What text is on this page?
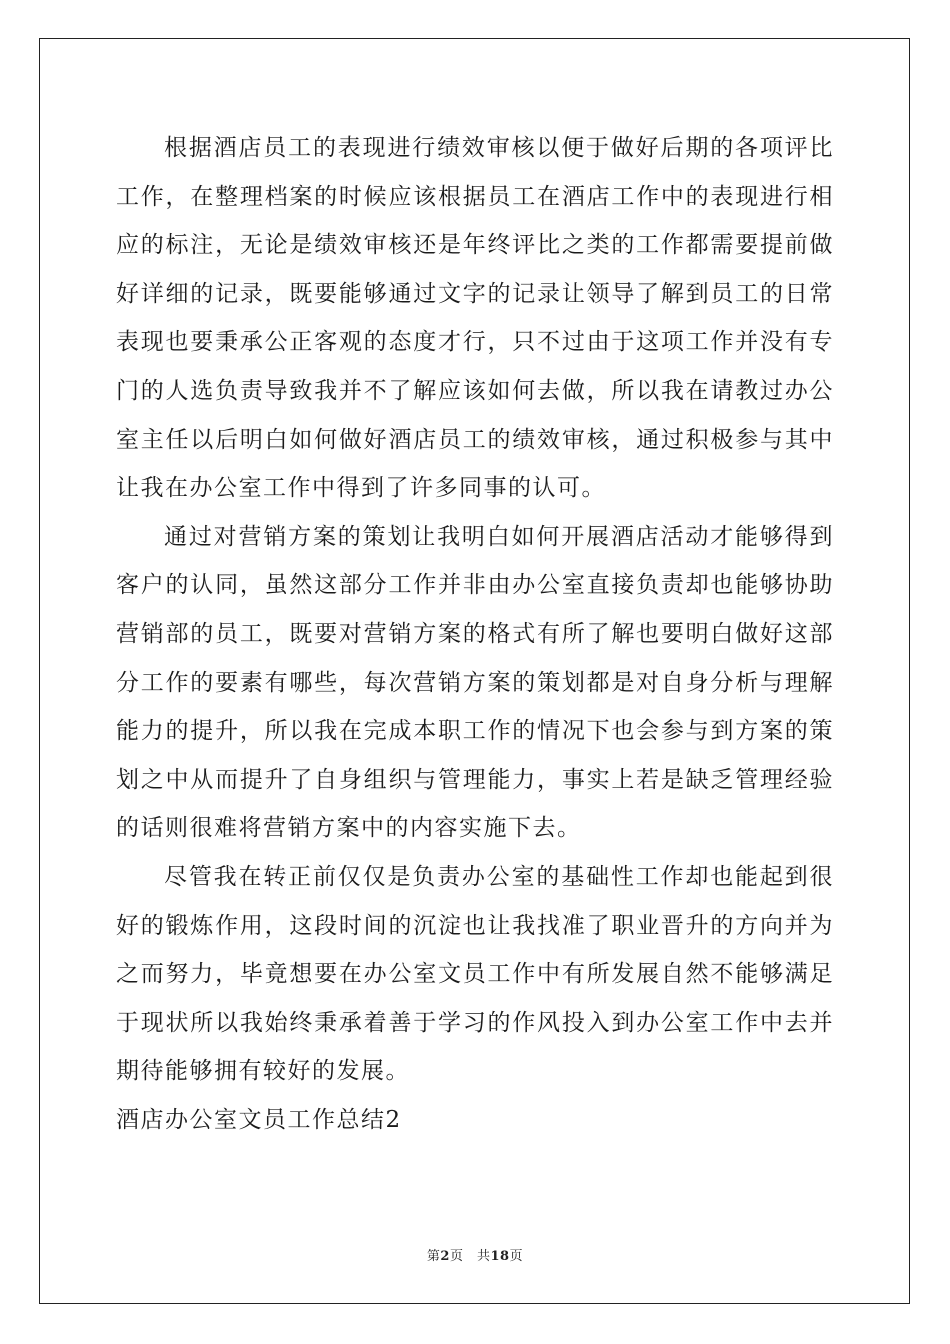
根据酒店员工的表现进行绩效审核以便于做好后期的各项评比工作，在整理档案的时候应该根据员工在酒店工作中的表现进行相应的标注，无论是绩效审核还是年终评比之类的工作都需要提前做好详细的记录，既要能够通过文字的记录让领导了解到员工的日常表现也要秉承公正客观的态度才行，只不过由于这项工作并没有专门的人选负责导致我并不了解应该如何去做，所以我在请教过办公室主任以后明白如何做好酒店员工的绩效审核，通过积极参与其中让我在办公室工作中得到了许多同事的认可。

通过对营销方案的策划让我明白如何开展酒店活动才能够得到客户的认同，虽然这部分工作并非由办公室直接负责却也能够协助营销部的员工，既要对营销方案的格式有所了解也要明白做好这部分工作的要素有哪些，每次营销方案的策划都是对自身分析与理解能力的提升，所以我在完成本职工作的情况下也会参与到方案的策划之中从而提升了自身组织与管理能力，事实上若是缺乏管理经验的话则很难将营销方案中的内容实施下去。

尽管我在转正前仅仅是负责办公室的基础性工作却也能起到很好的锻炼作用，这段时间的沉淀也让我找准了职业晋升的方向并为之而努力，毕竟想要在办公室文员工作中有所发展自然不能够满足于现状所以我始终秉承着善于学习的作风投入到办公室工作中去并期待能够拥有较好的发展。

酒店办公室文员工作总结2

第2页　共18页
